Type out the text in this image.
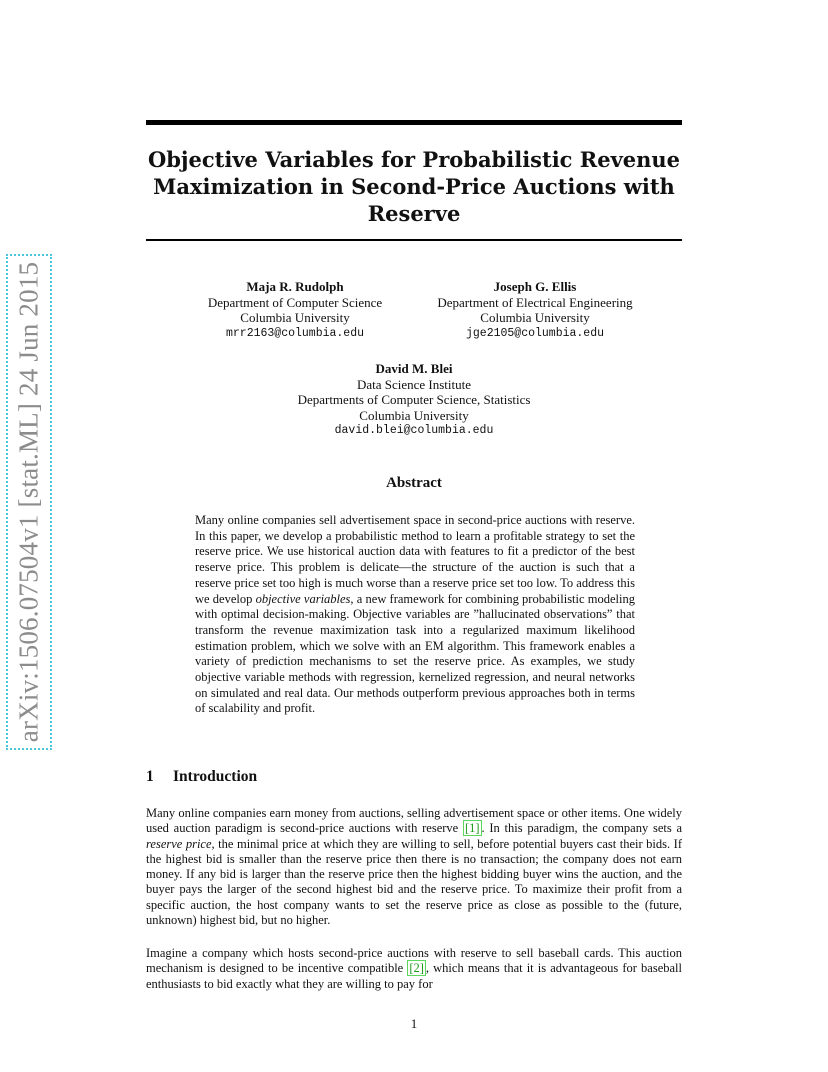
arXiv:1506.07504v1 [stat.ML] 24 Jun 2015
Objective Variables for Probabilistic Revenue Maximization in Second-Price Auctions with Reserve
Maja R. Rudolph
Department of Computer Science
Columbia University
mrr2163@columbia.edu
Joseph G. Ellis
Department of Electrical Engineering
Columbia University
jge2105@columbia.edu
David M. Blei
Data Science Institute
Departments of Computer Science, Statistics
Columbia University
david.blei@columbia.edu
Abstract
Many online companies sell advertisement space in second-price auctions with reserve. In this paper, we develop a probabilistic method to learn a profitable strategy to set the reserve price. We use historical auction data with features to fit a predictor of the best reserve price. This problem is delicate—the structure of the auction is such that a reserve price set too high is much worse than a reserve price set too low. To address this we develop objective variables, a new framework for combining probabilistic modeling with optimal decision-making. Objective variables are ”hallucinated observations” that transform the revenue maximization task into a regularized maximum likelihood estimation problem, which we solve with an EM algorithm. This framework enables a variety of prediction mechanisms to set the reserve price. As examples, we study objective variable methods with regression, kernelized regression, and neural networks on simulated and real data. Our methods outperform previous approaches both in terms of scalability and profit.
1 Introduction
Many online companies earn money from auctions, selling advertisement space or other items. One widely used auction paradigm is second-price auctions with reserve [1] . In this paradigm, the company sets a reserve price, the minimal price at which they are willing to sell, before potential buyers cast their bids. If the highest bid is smaller than the reserve price then there is no transaction; the company does not earn money. If any bid is larger than the reserve price then the highest bidding buyer wins the auction, and the buyer pays the larger of the second highest bid and the reserve price. To maximize their profit from a specific auction, the host company wants to set the reserve price as close as possible to the (future, unknown) highest bid, but no higher.
Imagine a company which hosts second-price auctions with reserve to sell baseball cards. This auction mechanism is designed to be incentive compatible [2] , which means that it is advantageous for baseball enthusiasts to bid exactly what they are willing to pay for
1
